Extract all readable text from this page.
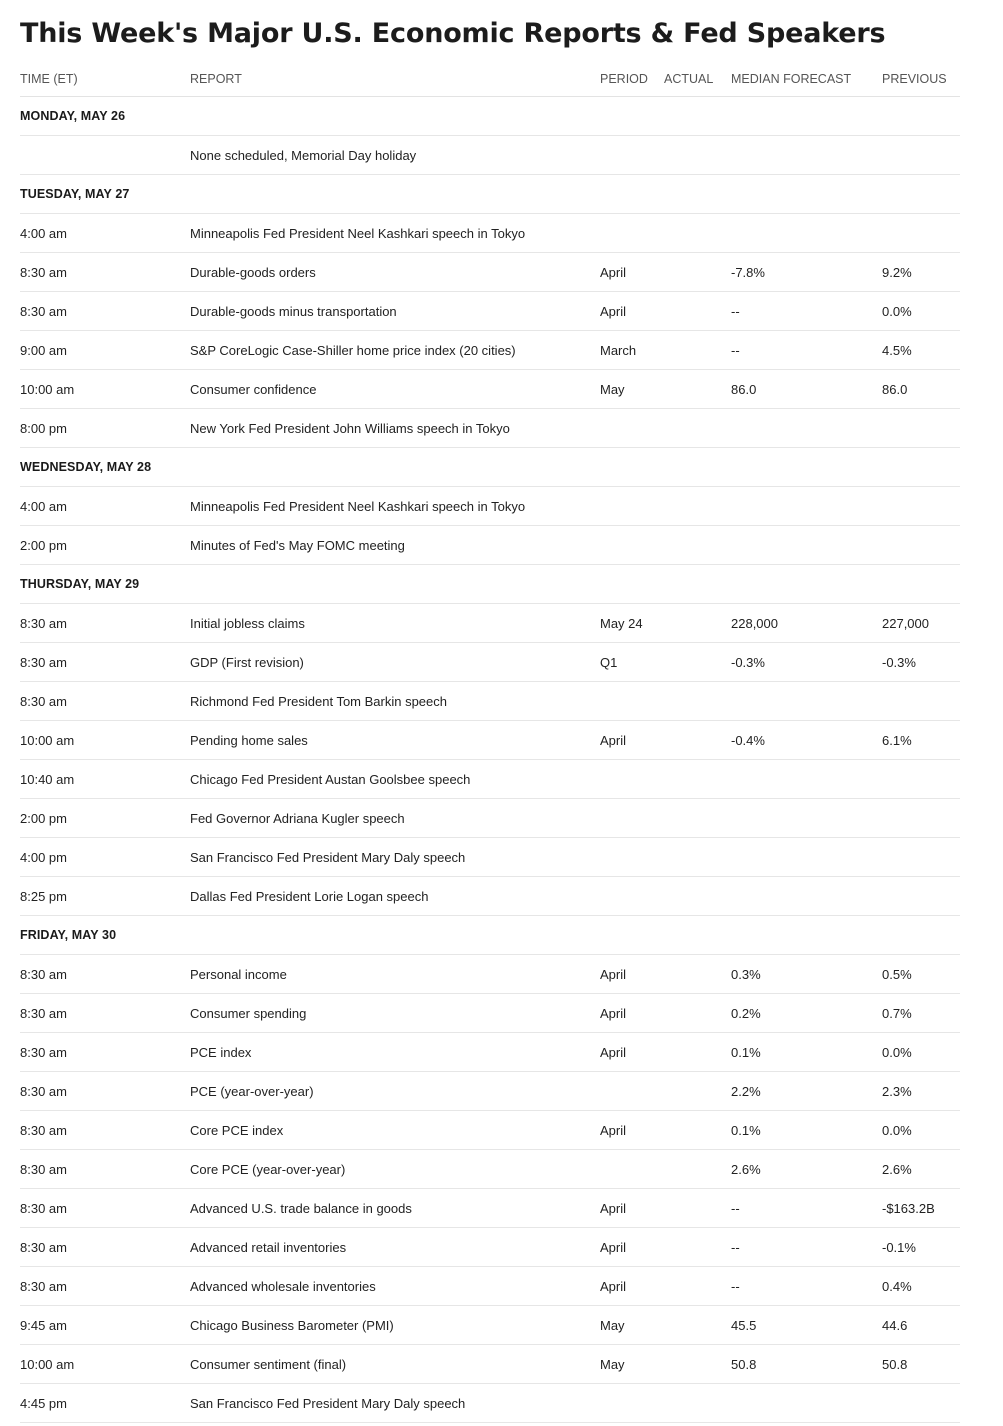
This Week's Major U.S. Economic Reports & Fed Speakers
TIME (ET)	REPORT	PERIOD	ACTUAL	MEDIAN FORECAST	PREVIOUS
MONDAY, MAY 26					
	None scheduled, Memorial Day holiday				
TUESDAY, MAY 27					
4:00 am	Minneapolis Fed President Neel Kashkari speech in Tokyo				
8:30 am	Durable-goods orders	April		-7.8%	9.2%
8:30 am	Durable-goods minus transportation	April		--	0.0%
9:00 am	S&P CoreLogic Case-Shiller home price index (20 cities)	March		--	4.5%
10:00 am	Consumer confidence	May		86.0	86.0
8:00 pm	New York Fed President John Williams speech in Tokyo				
WEDNESDAY, MAY 28					
4:00 am	Minneapolis Fed President Neel Kashkari speech in Tokyo				
2:00 pm	Minutes of Fed's May FOMC meeting				
THURSDAY, MAY 29					
8:30 am	Initial jobless claims	May 24		228,000	227,000
8:30 am	GDP (First revision)	Q1		-0.3%	-0.3%
8:30 am	Richmond Fed President Tom Barkin speech				
10:00 am	Pending home sales	April		-0.4%	6.1%
10:40 am	Chicago Fed President Austan Goolsbee speech				
2:00 pm	Fed Governor Adriana Kugler speech				
4:00 pm	San Francisco Fed President Mary Daly speech				
8:25 pm	Dallas Fed President Lorie Logan speech				
FRIDAY, MAY 30					
8:30 am	Personal income	April		0.3%	0.5%
8:30 am	Consumer spending	April		0.2%	0.7%
8:30 am	PCE index	April		0.1%	0.0%
8:30 am	PCE (year-over-year)			2.2%	2.3%
8:30 am	Core PCE index	April		0.1%	0.0%
8:30 am	Core PCE (year-over-year)			2.6%	2.6%
8:30 am	Advanced U.S. trade balance in goods	April		--	-$163.2B
8:30 am	Advanced retail inventories	April		--	-0.1%
8:30 am	Advanced wholesale inventories	April		--	0.4%
9:45 am	Chicago Business Barometer (PMI)	May		45.5	44.6
10:00 am	Consumer sentiment (final)	May		50.8	50.8
4:45 pm	San Francisco Fed President Mary Daly speech				
